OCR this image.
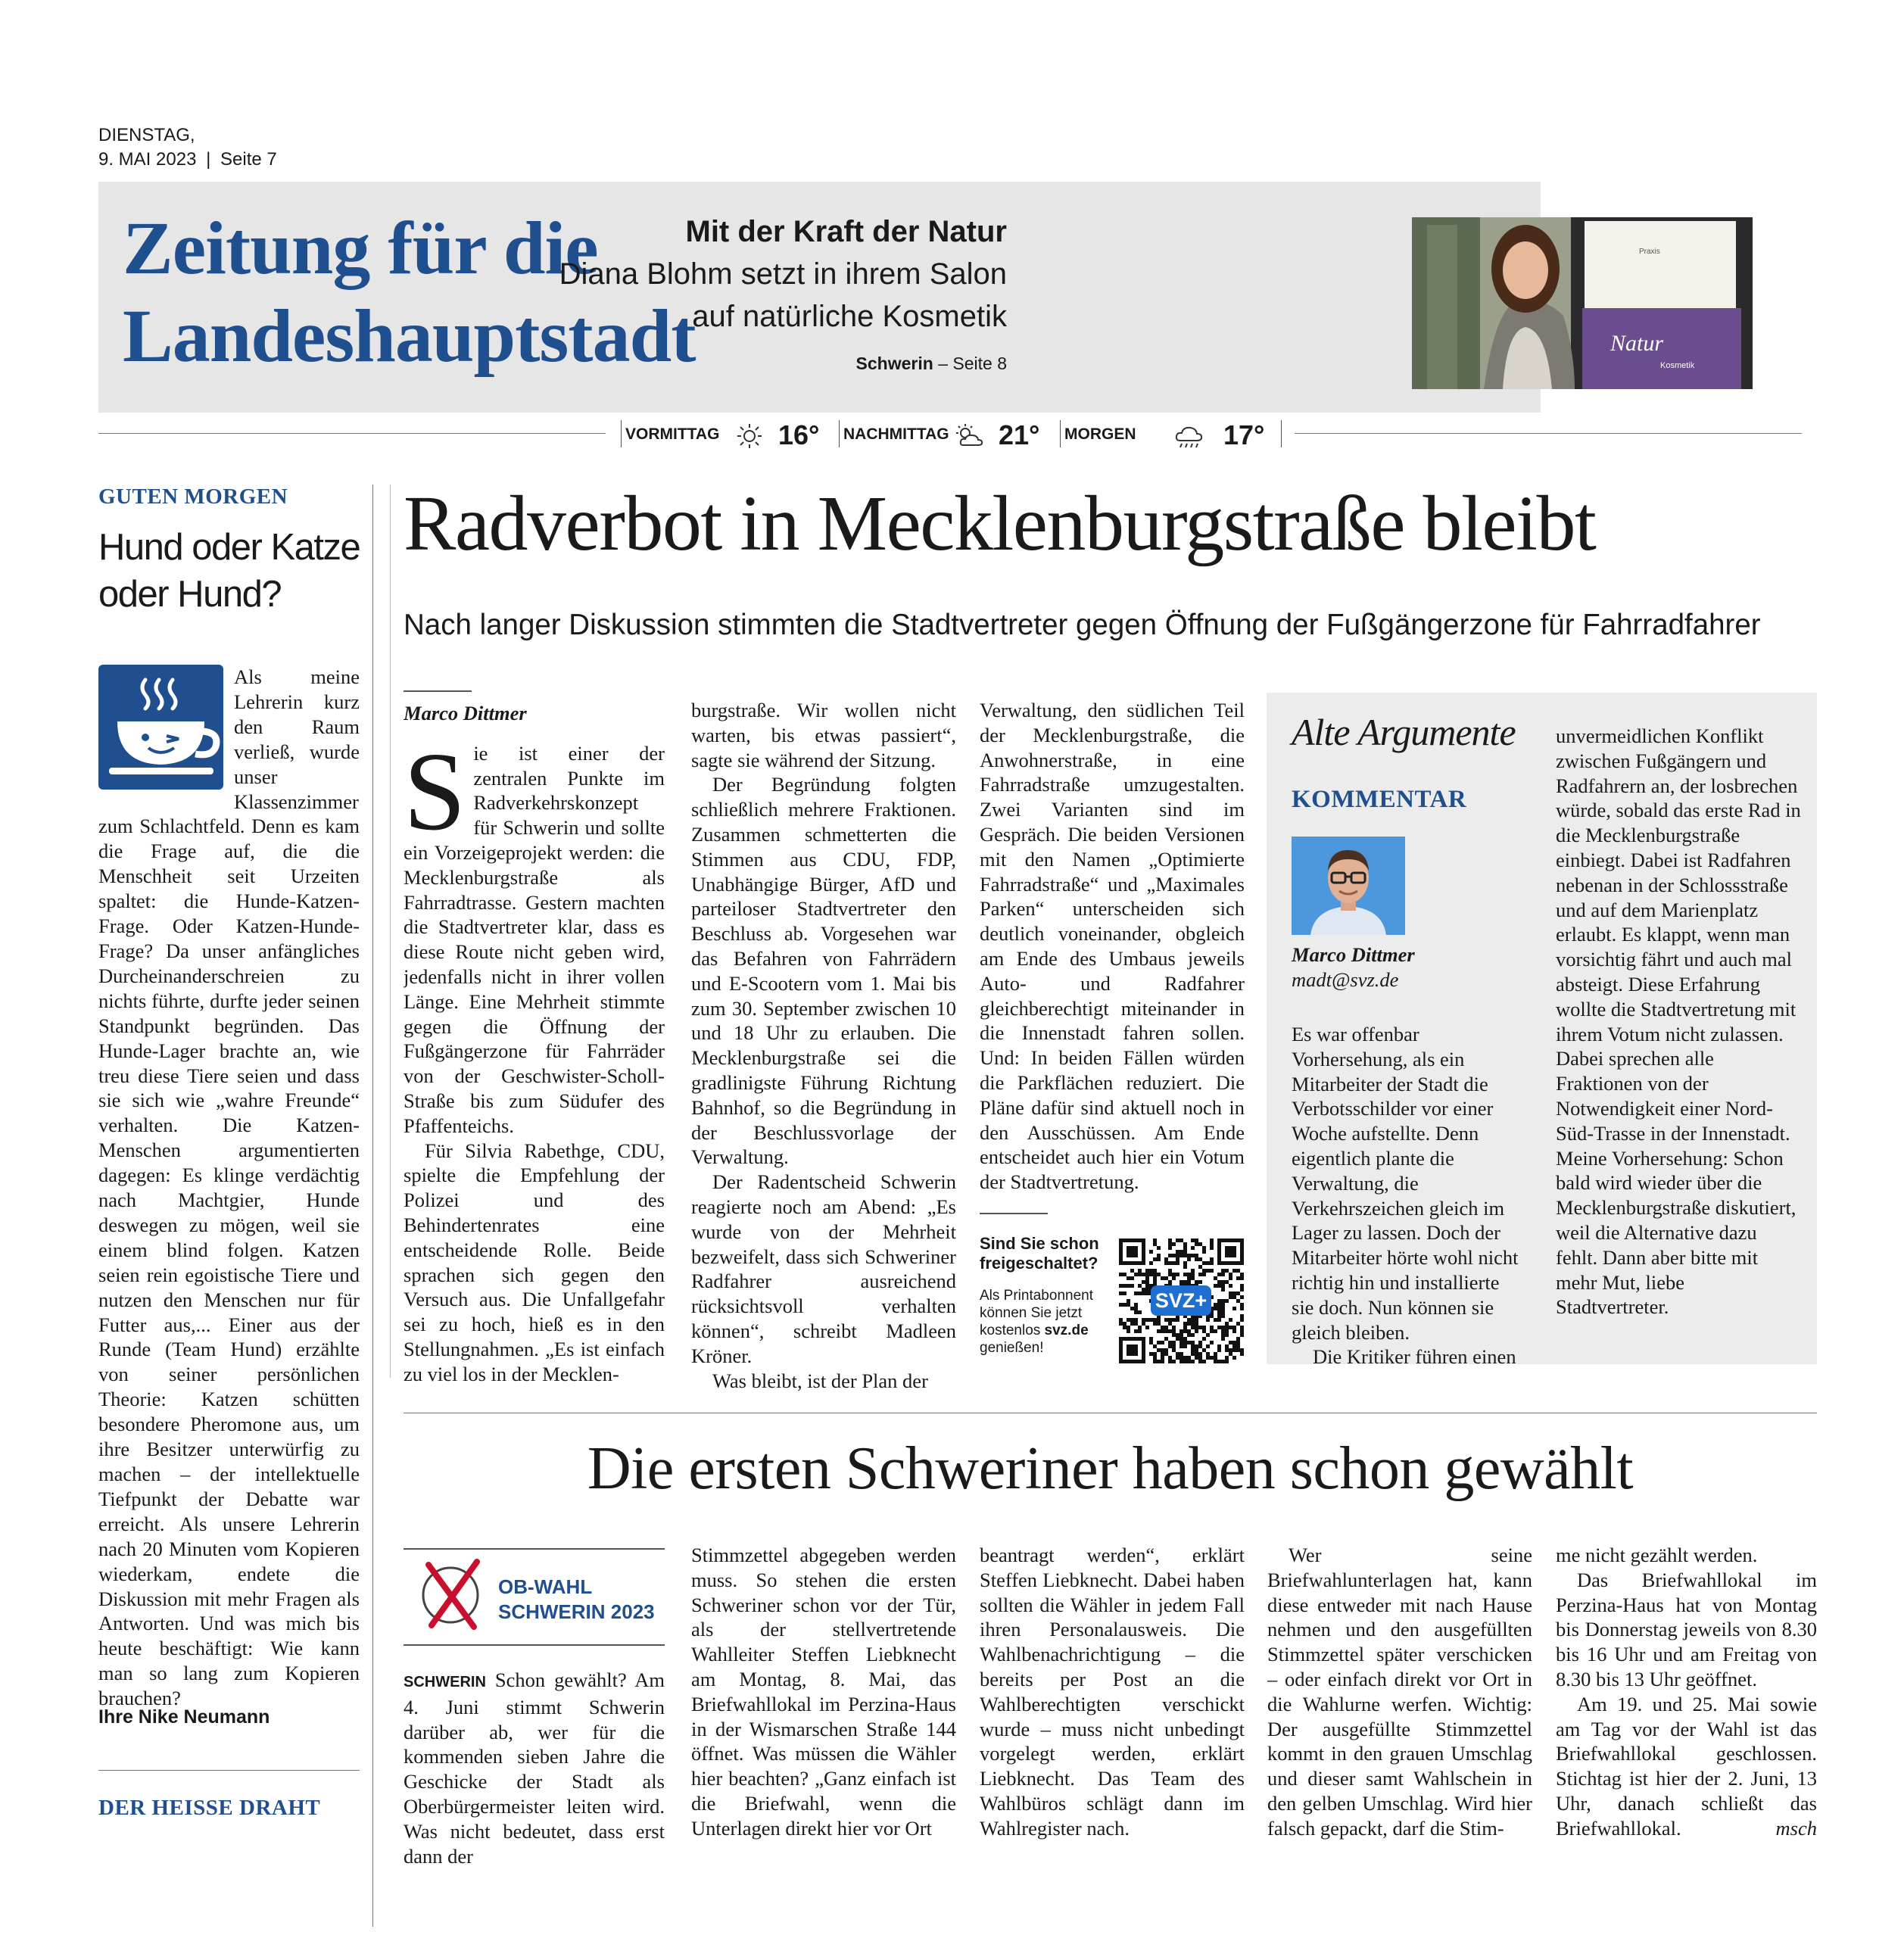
DIENSTAG,
9. MAI 2023 | Seite 7
Zeitung für die
Landeshauptstadt
Mit der Kraft der Natur
Diana Blohm setzt in ihrem Salon
auf natürliche Kosmetik
Schwerin – Seite 8
Natur
Kosmetik
Praxis
VORMITTAG 16° NACHMITTAG 21° MORGEN	17°
GUTEN MORGEN
Hund oder Katze oder Hund?
Als meine Lehrerin kurz den Raum verließ, wurde unser Klassenzimmer zum Schlachtfeld. Denn es kam die Frage auf, die die Menschheit seit Urzeiten spaltet: die Hunde-Katzen-Frage. Oder Katzen-Hunde-Frage? Da unser anfängliches Durcheinanderschreien zu nichts führte, durfte jeder seinen Standpunkt begründen. Das Hunde-Lager brachte an, wie treu diese Tiere seien und dass sie sich wie „wahre Freunde“ verhalten. Die Katzen-Menschen argumentierten dagegen: Es klinge verdächtig nach Machtgier, Hunde deswegen zu mögen, weil sie einem blind folgen. Katzen seien rein egoistische Tiere und nutzen den Menschen nur für Futter aus,... Einer aus der Runde (Team Hund) erzählte von seiner persönlichen Theorie: Katzen schütten besondere Pheromone aus, um ihre Besitzer unterwürfig zu machen – der intellektuelle Tiefpunkt der Debatte war erreicht. Als unsere Lehrerin nach 20 Minuten vom Kopieren wiederkam, endete die Diskussion mit mehr Fragen als Antworten. Und was mich bis heute beschäftigt: Wie kann man so lang zum Kopieren brauchen?
Ihre Nike Neumann
DER HEISSE DRAHT
Radverbot in Mecklenburgstraße bleibt
Nach langer Diskussion stimmten die Stadtvertreter gegen Öffnung der Fußgängerzone für Fahrradfahrer
Marco Dittmer

Sie ist einer der zentralen Punkte im Radverkehrskonzept für Schwerin und sollte ein Vorzeigeprojekt werden: die Mecklenburgstraße als Fahrradtrasse. Gestern machten die Stadtvertreter klar, dass es diese Route nicht geben wird, jedenfalls nicht in ihrer vollen Länge. Eine Mehrheit stimmte gegen die Öffnung der Fußgängerzone für Fahrräder von der Geschwister-Scholl-Straße bis zum Südufer des Pfaffenteichs.

Für Silvia Rabethge, CDU, spielte die Empfehlung der Polizei und des Behindertenrates eine entscheidende Rolle. Beide sprachen sich gegen den Versuch aus. Die Unfallgefahr sei zu hoch, hieß es in den Stellungnahmen. „Es ist einfach zu viel los in der Mecklen-

burgstraße. Wir wollen nicht warten, bis etwas passiert“, sagte sie während der Sitzung.

Der Begründung folgten schließlich mehrere Fraktionen. Zusammen schmetterten die Stimmen aus CDU, FDP, Unabhängige Bürger, AfD und parteiloser Stadtvertreter den Beschluss ab. Vorgesehen war das Befahren von Fahrrädern und E-Scootern vom 1. Mai bis zum 30. September zwischen 10 und 18 Uhr zu erlauben. Die Mecklenburgstraße sei die gradlinigste Führung Richtung Bahnhof, so die Begründung in der Beschlussvorlage der Verwaltung.

Der Radentscheid Schwerin reagierte noch am Abend: „Es wurde von der Mehrheit bezweifelt, dass sich Schweriner Radfahrer ausreichend rücksichtsvoll verhalten können“, schreibt Madleen Kröner.

Was bleibt, ist der Plan der

Verwaltung, den südlichen Teil der Mecklenburgstraße, die Anwohnerstraße, in eine Fahrradstraße umzugestalten. Zwei Varianten sind im Gespräch. Die beiden Versionen mit den Namen „Optimierte Fahrradstraße“ und „Maximales Parken“ unterscheiden sich deutlich voneinander, obgleich am Ende des Umbaus jeweils Auto- und Radfahrer gleichberechtigt miteinander in die Innenstadt fahren sollen. Und: In beiden Fällen würden die Parkflächen reduziert. Die Pläne dafür sind aktuell noch in den Ausschüssen. Am Ende entscheidet auch hier ein Votum der Stadtvertretung.

Sind Sie schon freigeschaltet?
Als Printabonnent können Sie jetzt kostenlos svz.de genießen!
SVZ+
Alte Argumente
KOMMENTAR
Marco Dittmer
madt@svz.de

Es war offenbar Vorhersehung, als ein Mitarbeiter der Stadt die Verbotsschilder vor einer Woche aufstellte. Denn eigentlich plante die Verwaltung, die Verkehrszeichen gleich im Lager zu lassen. Doch der Mitarbeiter hörte wohl nicht richtig hin und installierte sie doch. Nun können sie gleich bleiben.

Die Kritiker führen einen

unvermeidlichen Konflikt zwischen Fußgängern und Radfahrern an, der losbrechen würde, sobald das erste Rad in die Mecklenburgstraße einbiegt. Dabei ist Radfahren nebenan in der Schlossstraße und auf dem Marienplatz erlaubt. Es klappt, wenn man vorsichtig fährt und auch mal absteigt. Diese Erfahrung wollte die Stadtvertretung mit ihrem Votum nicht zulassen. Dabei sprechen alle Fraktionen von der Notwendigkeit einer Nord-Süd-Trasse in der Innenstadt. Meine Vorhersehung: Schon bald wird wieder über die Mecklenburgstraße diskutiert, weil die Alternative dazu fehlt. Dann aber bitte mit mehr Mut, liebe Stadtvertreter.

Die ersten Schweriner haben schon gewählt
OB-WAHL
SCHWERIN 2023

SCHWERIN Schon gewählt? Am 4. Juni stimmt Schwerin darüber ab, wer für die kommenden sieben Jahre die Geschicke der Stadt als Oberbürgermeister leiten wird. Was nicht bedeutet, dass erst dann der

Stimmzettel abgegeben werden muss. So stehen die ersten Schweriner schon vor der Tür, als der stellvertretende Wahlleiter Steffen Liebknecht am Montag, 8. Mai, das Briefwahllokal im Perzina-Haus in der Wismarschen Straße 144 öffnet. Was müssen die Wähler hier beachten? „Ganz einfach ist die Briefwahl, wenn die Unterlagen direkt hier vor Ort

beantragt werden“, erklärt Steffen Liebknecht. Dabei haben sollten die Wähler in jedem Fall ihren Personalausweis. Die Wahlbenachrichtigung – die bereits per Post an die Wahlberechtigten verschickt wurde – muss nicht unbedingt vorgelegt werden, erklärt Liebknecht. Das Team des Wahlbüros schlägt dann im Wahlregister nach.

Wer seine Briefwahlunterlagen hat, kann diese entweder mit nach Hause nehmen und den ausgefüllten Stimmzettel später verschicken – oder einfach direkt vor Ort in die Wahlurne werfen. Wichtig: Der ausgefüllte Stimmzettel kommt in den grauen Umschlag und dieser samt Wahlschein in den gelben Umschlag. Wird hier falsch gepackt, darf die Stim-

me nicht gezählt werden.

Das Briefwahllokal im Perzina-Haus hat von Montag bis Donnerstag jeweils von 8.30 bis 16 Uhr und am Freitag von 8.30 bis 13 Uhr geöffnet.

Am 19. und 25. Mai sowie am Tag vor der Wahl ist das Briefwahllokal geschlossen. Stichtag ist hier der 2. Juni, 13 Uhr, danach schließt das Briefwahllokal.	msch
